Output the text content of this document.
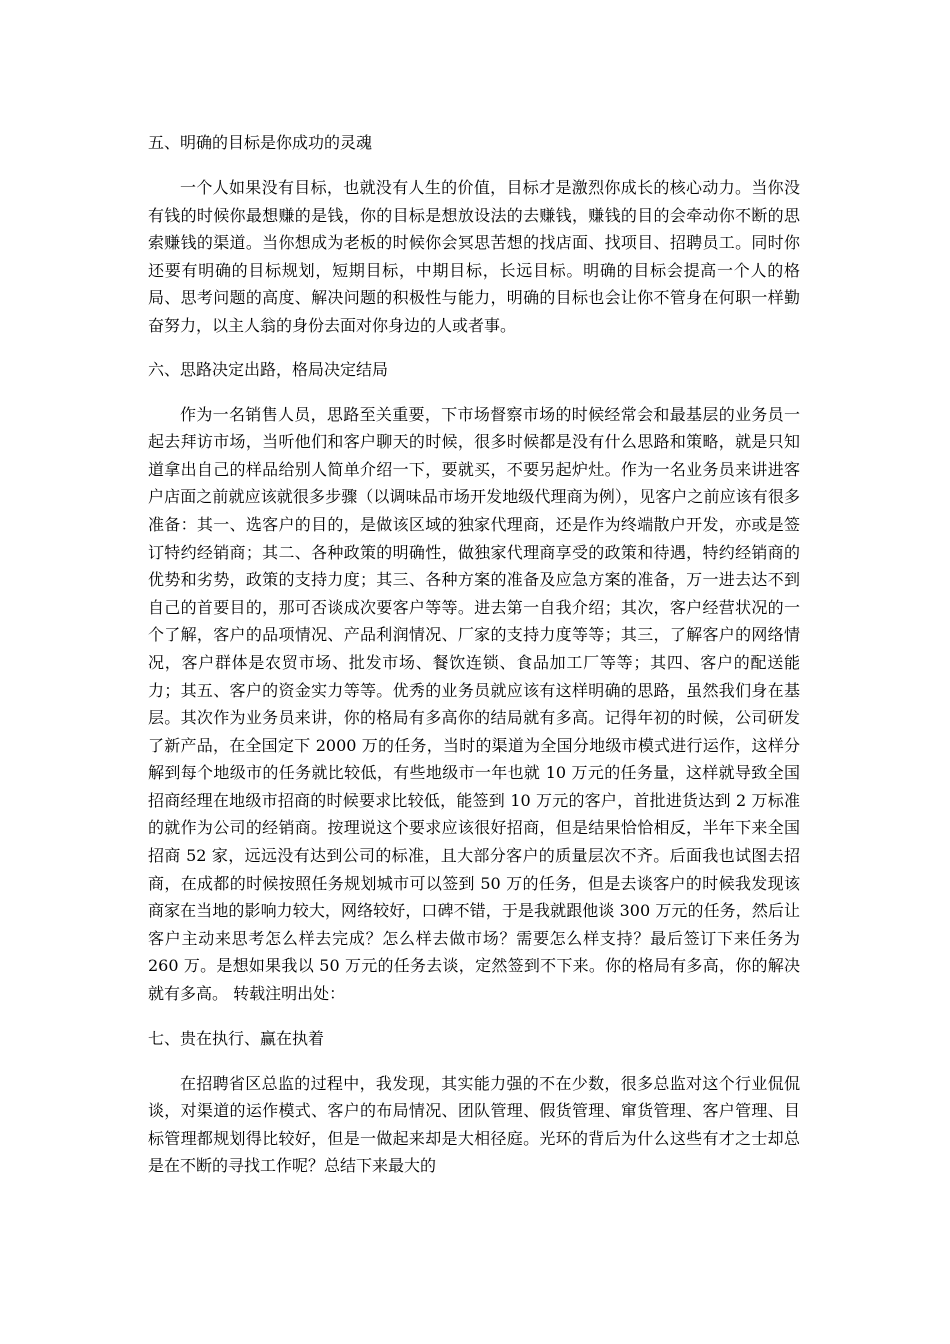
五、明确的目标是你成功的灵魂

一个人如果没有目标，也就没有人生的价值，目标才是激烈你成长的核心动力。当你没有钱的时候你最想赚的是钱，你的目标是想放设法的去赚钱，赚钱的目的会牵动你不断的思索赚钱的渠道。当你想成为老板的时候你会冥思苦想的找店面、找项目、招聘员工。同时你还要有明确的目标规划，短期目标，中期目标，长远目标。明确的目标会提高一个人的格局、思考问题的高度、解决问题的积极性与能力，明确的目标也会让你不管身在何职一样勤奋努力，以主人翁的身份去面对你身边的人或者事。

六、思路决定出路，格局决定结局

作为一名销售人员，思路至关重要，下市场督察市场的时候经常会和最基层的业务员一起去拜访市场，当听他们和客户聊天的时候，很多时候都是没有什么思路和策略，就是只知道拿出自己的样品给别人简单介绍一下，要就买，不要另起炉灶。作为一名业务员来讲进客户店面之前就应该就很多步骤（以调味品市场开发地级代理商为例），见客户之前应该有很多准备：其一、选客户的目的，是做该区域的独家代理商，还是作为终端散户开发，亦或是签订特约经销商；其二、各种政策的明确性，做独家代理商享受的政策和待遇，特约经销商的优势和劣势，政策的支持力度；其三、各种方案的准备及应急方案的准备，万一进去达不到自己的首要目的，那可否谈成次要客户等等。进去第一自我介绍；其次，客户经营状况的一个了解，客户的品项情况、产品利润情况、厂家的支持力度等等；其三，了解客户的网络情况，客户群体是农贸市场、批发市场、餐饮连锁、食品加工厂等等；其四、客户的配送能力；其五、客户的资金实力等等。优秀的业务员就应该有这样明确的思路，虽然我们身在基层。其次作为业务员来讲，你的格局有多高你的结局就有多高。记得年初的时候，公司研发了新产品，在全国定下 2000 万的任务，当时的渠道为全国分地级市模式进行运作，这样分解到每个地级市的任务就比较低，有些地级市一年也就 10 万元的任务量，这样就导致全国招商经理在地级市招商的时候要求比较低，能签到 10 万元的客户，首批进货达到 2 万标准的就作为公司的经销商。按理说这个要求应该很好招商，但是结果恰恰相反，半年下来全国招商 52 家，远远没有达到公司的标准，且大部分客户的质量层次不齐。后面我也试图去招商，在成都的时候按照任务规划城市可以签到 50 万的任务，但是去谈客户的时候我发现该商家在当地的影响力较大，网络较好，口碑不错，于是我就跟他谈 300 万元的任务，然后让客户主动来思考怎么样去完成？怎么样去做市场？需要怎么样支持？最后签订下来任务为 260 万。是想如果我以 50 万元的任务去谈，定然签到不下来。你的格局有多高，你的解决就有多高。 转载注明出处：

七、贵在执行、赢在执着

在招聘省区总监的过程中，我发现，其实能力强的不在少数，很多总监对这个行业侃侃谈，对渠道的运作模式、客户的布局情况、团队管理、假货管理、窜货管理、客户管理、目标管理都规划得比较好，但是一做起来却是大相径庭。光环的背后为什么这些有才之士却总是在不断的寻找工作呢？总结下来最大的
